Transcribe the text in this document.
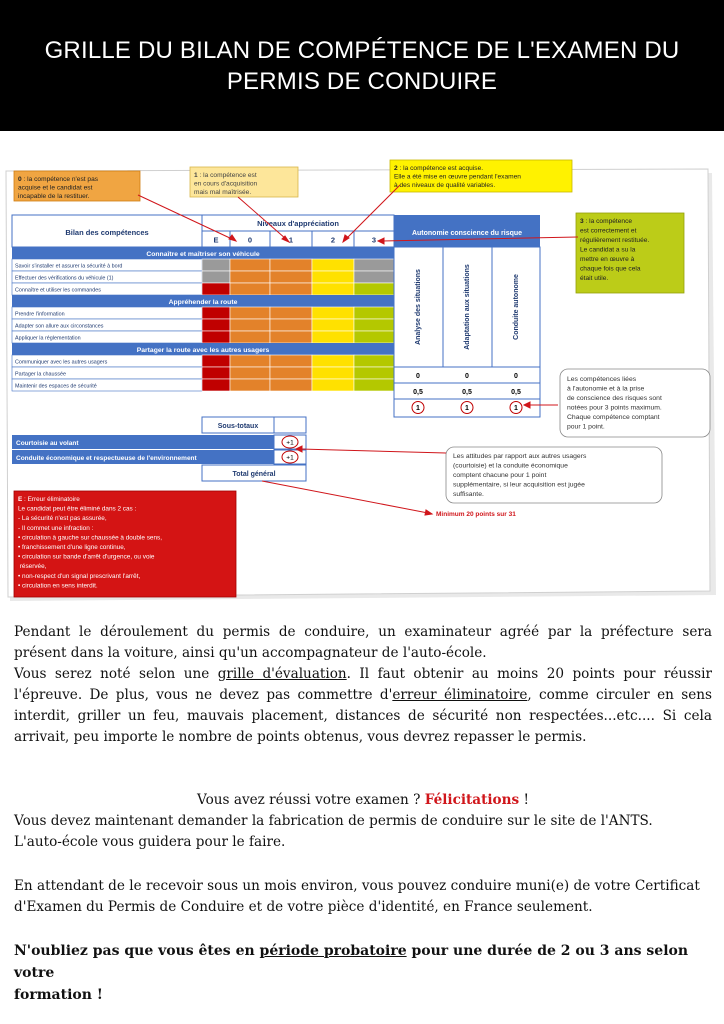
GRILLE DU BILAN DE COMPÉTENCE DE L'EXAMEN DU
PERMIS DE CONDUIRE
Bilan des compétences
Niveaux d'appréciation
E	0	1	2	3
Autonomie conscience du risque
Connaître et maîtriser son véhicule
Savoir s'installer et assurer la sécurité à bord
Effectuer des vérifications du véhicule (1)
Connaître et utiliser les commandes
Appréhender la route
Prendre l'information
Adapter son allure aux circonstances
Appliquer la réglementation
Partager la route avec les autres usagers
Communiquer avec les autres usagers
Partager la chaussée
Maintenir des espaces de sécurité
Analyse des situations	Adaptation aux situations	Conduite autonome
0	0	0
0,5	0,5	0,5
1	1	1
Sous-totaux
Courtoisie au volant	+1
Conduite économique et respectueuse de l'environnement	+1
Total général
0 : la compétence n'est pas acquise et le candidat est incapable de la restituer.
1 : la compétence est en cours d'acquisition mais mal maîtrisée.
2 : la compétence est acquise. Elle a été mise en œuvre pendant l'examen à des niveaux de qualité variables.
3 : la compétence est correctement et régulièrement restituée. Le candidat a su la mettre en œuvre à chaque fois que cela était utile.
Les compétences liées à l'autonomie et à la prise de conscience des risques sont notées pour 3 points maximum. Chaque compétence comptant pour 1 point.
Les attitudes par rapport aux autres usagers (courtoisie) et la conduite économique comptent chacune pour 1 point supplémentaire, si leur acquisition est jugée suffisante.
Minimum 20 points sur 31
E : Erreur éliminatoire Le candidat peut être éliminé dans 2 cas : - La sécurité n'est pas assurée, - Il commet une infraction : • circulation à gauche sur chaussée à double sens, • franchissement d'une ligne continue, • circulation sur bande d'arrêt d'urgence, ou voie réservée, • non-respect d'un signal prescrivant l'arrêt, • circulation en sens interdit.
Pendant le déroulement du permis de conduire, un examinateur agréé par la préfecture sera
présent dans la voiture, ainsi qu'un accompagnateur de l'auto-école.
Vous serez noté selon une grille d'évaluation. Il faut obtenir au moins 20 points pour réussir
l'épreuve. De plus, vous ne devez pas commettre d'erreur éliminatoire, comme circuler en sens
interdit, griller un feu, mauvais placement, distances de sécurité non respectées...etc.... Si cela
arrivait, peu importe le nombre de points obtenus, vous devrez repasser le permis.
Vous avez réussi votre examen ? Félicitations !
Vous devez maintenant demander la fabrication de permis de conduire sur le site de l'ANTS.
L'auto-école vous guidera pour le faire.
En attendant de le recevoir sous un mois environ, vous pouvez conduire muni(e) de votre Certificat
d'Examen du Permis de Conduire et de votre pièce d'identité, en France seulement.
N'oubliez pas que vous êtes en période probatoire pour une durée de 2 ou 3 ans selon votre
formation !
